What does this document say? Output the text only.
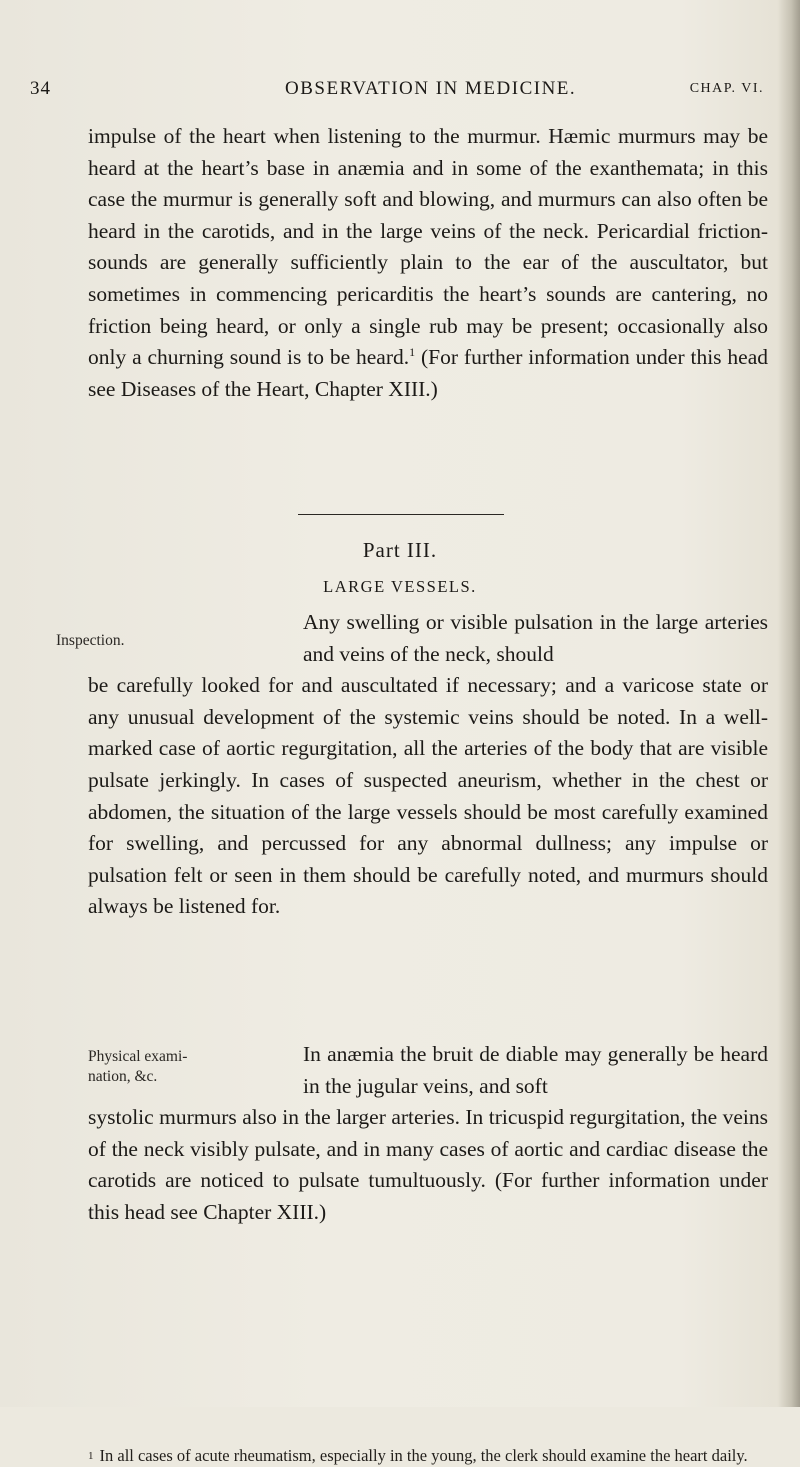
34	OBSERVATION IN MEDICINE.	CHAP. VI.
impulse of the heart when listening to the murmur. Hæmic murmurs may be heard at the heart’s base in anæmia and in some of the exanthemata; in this case the murmur is generally soft and blowing, and murmurs can also often be heard in the carotids, and in the large veins of the neck. Pericardial friction-sounds are generally sufficiently plain to the ear of the auscultator, but sometimes in commencing pericarditis the heart’s sounds are cantering, no friction being heard, or only a single rub may be present; occasionally also only a churning sound is to be heard.$^1$ (For further information under this head see Diseases of the Heart, Chapter XIII.)
Part III.
LARGE VESSELS.
Inspection.
Any swelling or visible pulsation in the large arteries and veins of the neck, should
be carefully looked for and auscultated if necessary; and a varicose state or any unusual development of the systemic veins should be noted. In a well-marked case of aortic regurgitation, all the arteries of the body that are visible pulsate jerkingly. In cases of suspected aneurism, whether in the chest or abdomen, the situation of the large vessels should be most carefully examined for swelling, and percussed for any abnormal dullness; any impulse or pulsation felt or seen in them should be carefully noted, and murmurs should always be listened for.
Physical exami-
nation, &c.
In anæmia the bruit de diable may generally be heard in the jugular veins, and soft
systolic murmurs also in the larger arteries. In tricuspid regurgitation, the veins of the neck visibly pulsate, and in many cases of aortic and cardiac disease the carotids are noticed to pulsate tumultuously. (For further information under this head see Chapter XIII.)
$^1$ In all cases of acute rheumatism, especially in the young, the clerk should examine the heart daily.
